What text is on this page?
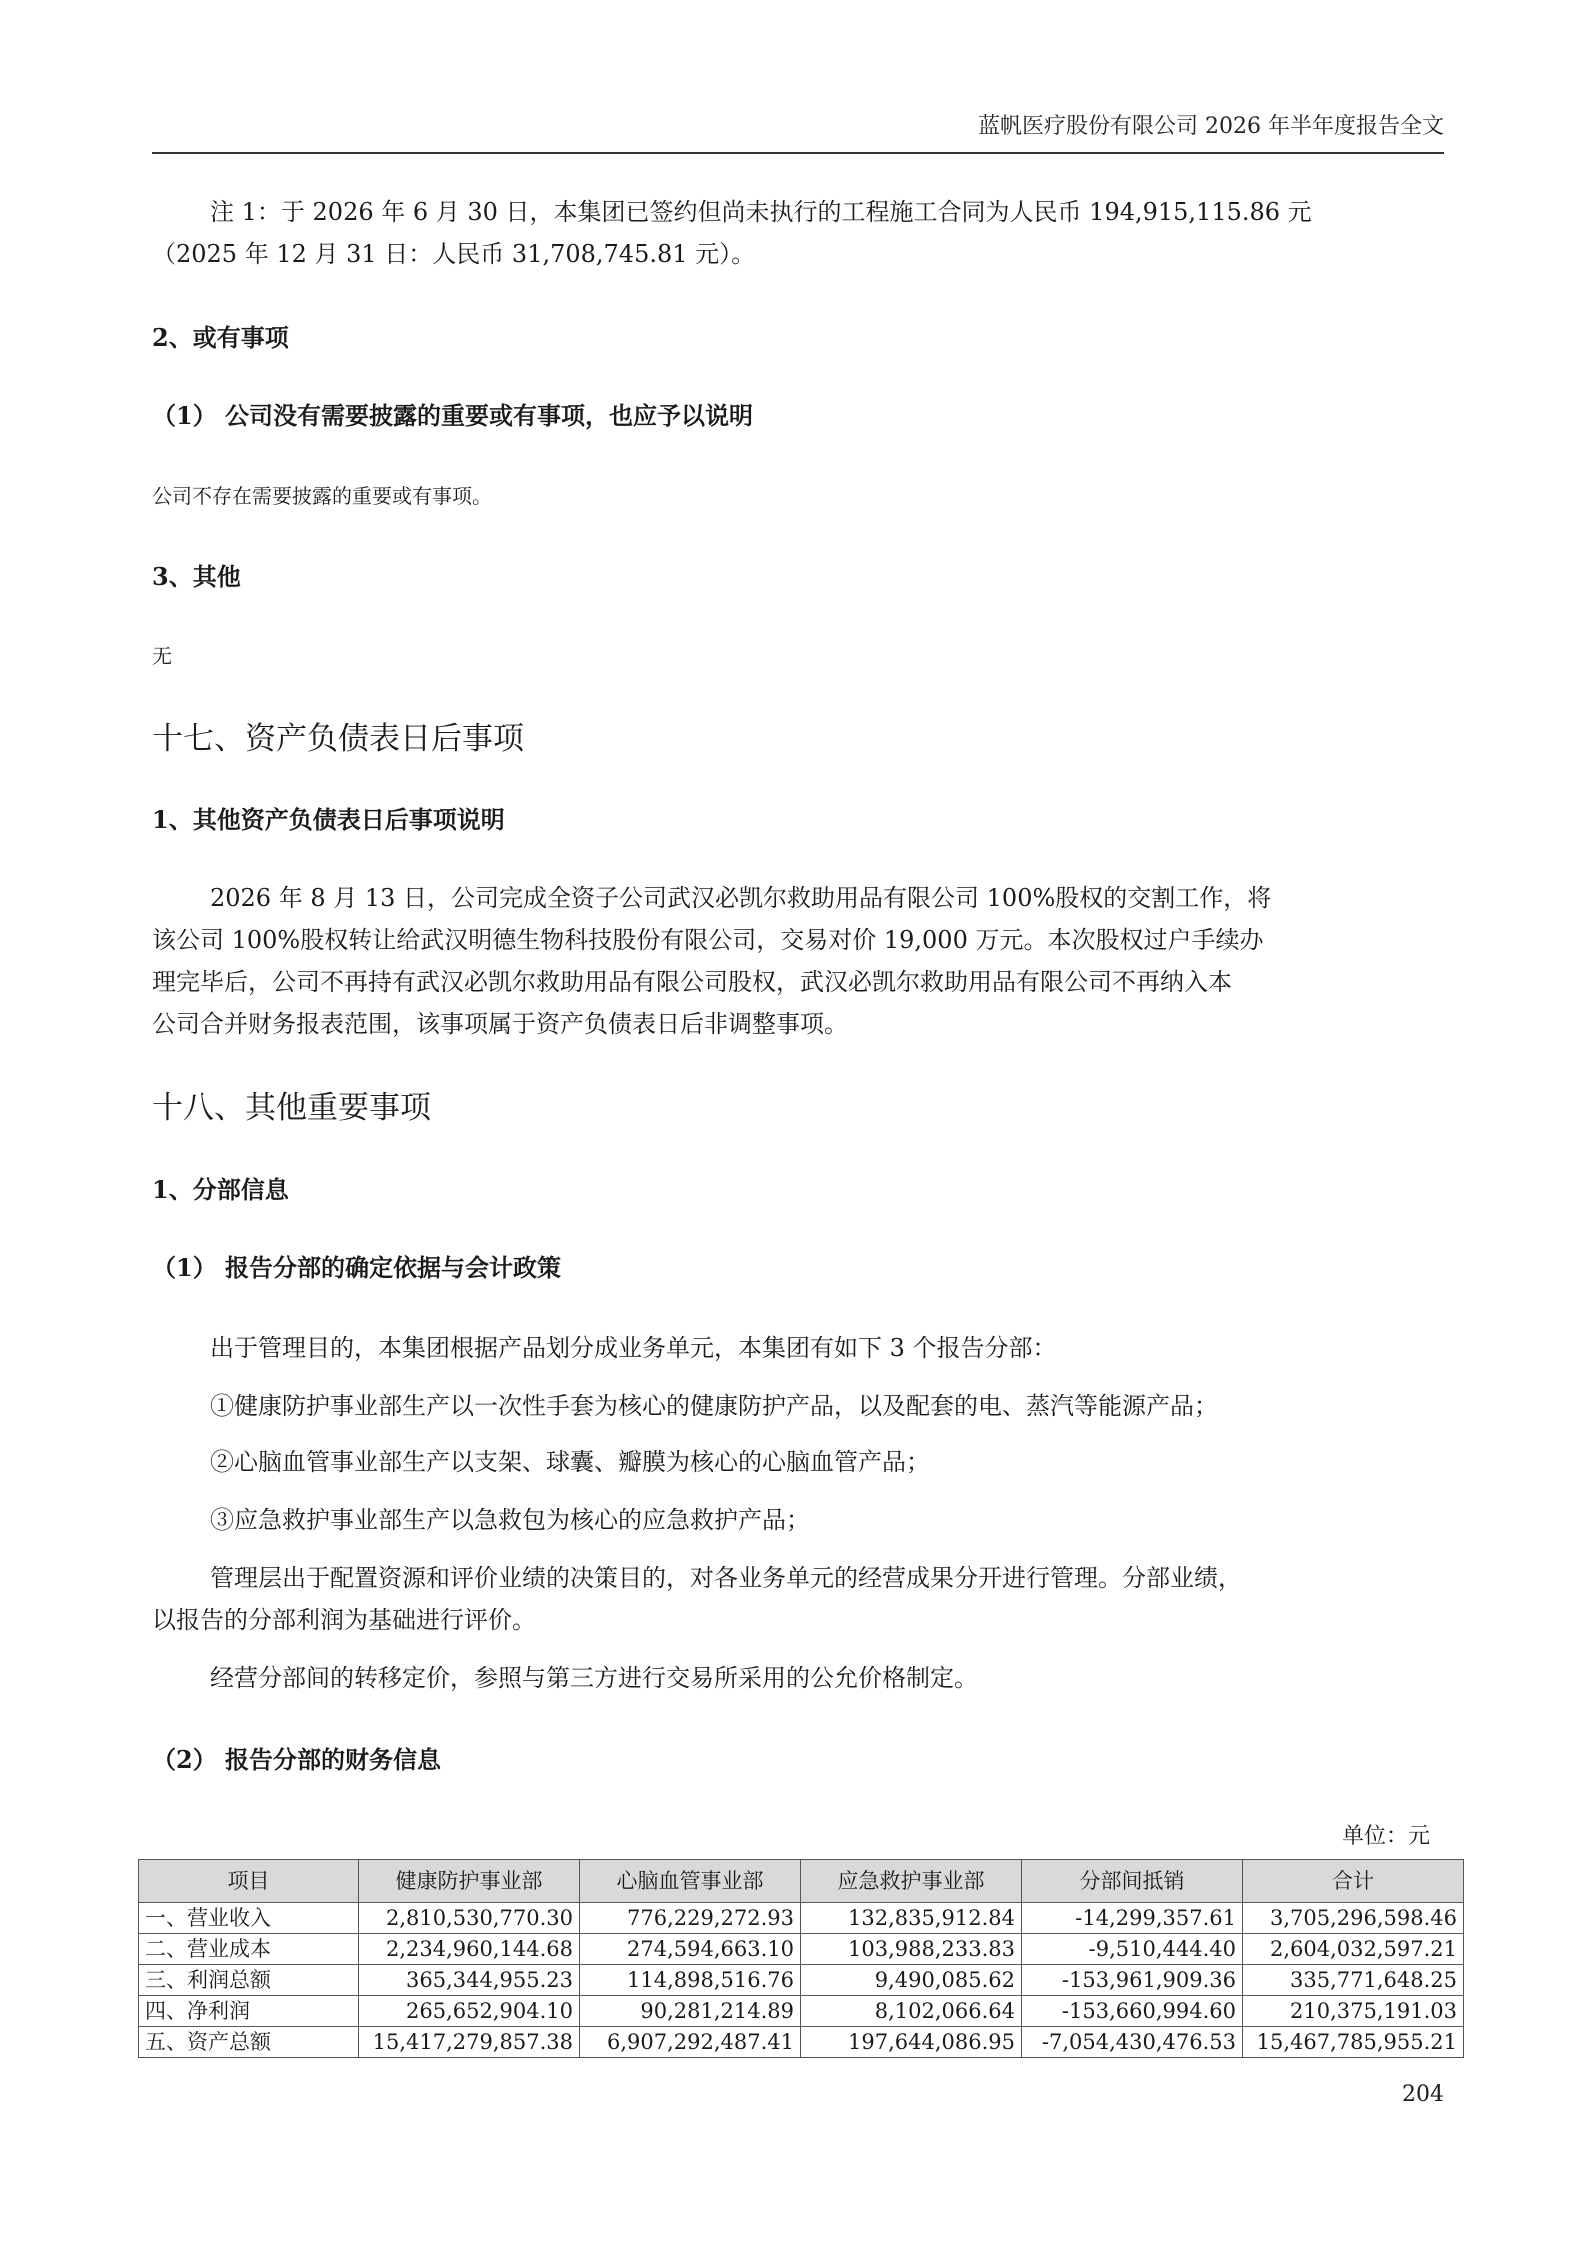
蓝帆医疗股份有限公司 2026 年半年度报告全文
注 1：于 2026 年 6 月 30 日，本集团已签约但尚未执行的工程施工合同为人民币 194,915,115.86 元
（2025 年 12 月 31 日：人民币 31,708,745.81 元）。
2、或有事项
（1） 公司没有需要披露的重要或有事项，也应予以说明
公司不存在需要披露的重要或有事项。
3、其他
无
十七、资产负债表日后事项
1、其他资产负债表日后事项说明
2026 年 8 月 13 日，公司完成全资子公司武汉必凯尔救助用品有限公司 100%股权的交割工作，将
该公司 100%股权转让给武汉明德生物科技股份有限公司，交易对价 19,000 万元。本次股权过户手续办
理完毕后，公司不再持有武汉必凯尔救助用品有限公司股权，武汉必凯尔救助用品有限公司不再纳入本
公司合并财务报表范围，该事项属于资产负债表日后非调整事项。
十八、其他重要事项
1、分部信息
（1） 报告分部的确定依据与会计政策
出于管理目的，本集团根据产品划分成业务单元，本集团有如下 3 个报告分部：
①健康防护事业部生产以一次性手套为核心的健康防护产品，以及配套的电、蒸汽等能源产品；
②心脑血管事业部生产以支架、球囊、瓣膜为核心的心脑血管产品；
③应急救护事业部生产以急救包为核心的应急救护产品；
管理层出于配置资源和评价业绩的决策目的，对各业务单元的经营成果分开进行管理。分部业绩，
以报告的分部利润为基础进行评价。
经营分部间的转移定价，参照与第三方进行交易所采用的公允价格制定。
（2） 报告分部的财务信息
单位：元
项目	健康防护事业部	心脑血管事业部	应急救护事业部	分部间抵销	合计
一、营业收入	2,810,530,770.30	776,229,272.93	132,835,912.84	-14,299,357.61	3,705,296,598.46
二、营业成本	2,234,960,144.68	274,594,663.10	103,988,233.83	-9,510,444.40	2,604,032,597.21
三、利润总额	365,344,955.23	114,898,516.76	9,490,085.62	-153,961,909.36	335,771,648.25
四、净利润	265,652,904.10	90,281,214.89	8,102,066.64	-153,660,994.60	210,375,191.03
五、资产总额	15,417,279,857.38	6,907,292,487.41	197,644,086.95	-7,054,430,476.53	15,467,785,955.21
204
